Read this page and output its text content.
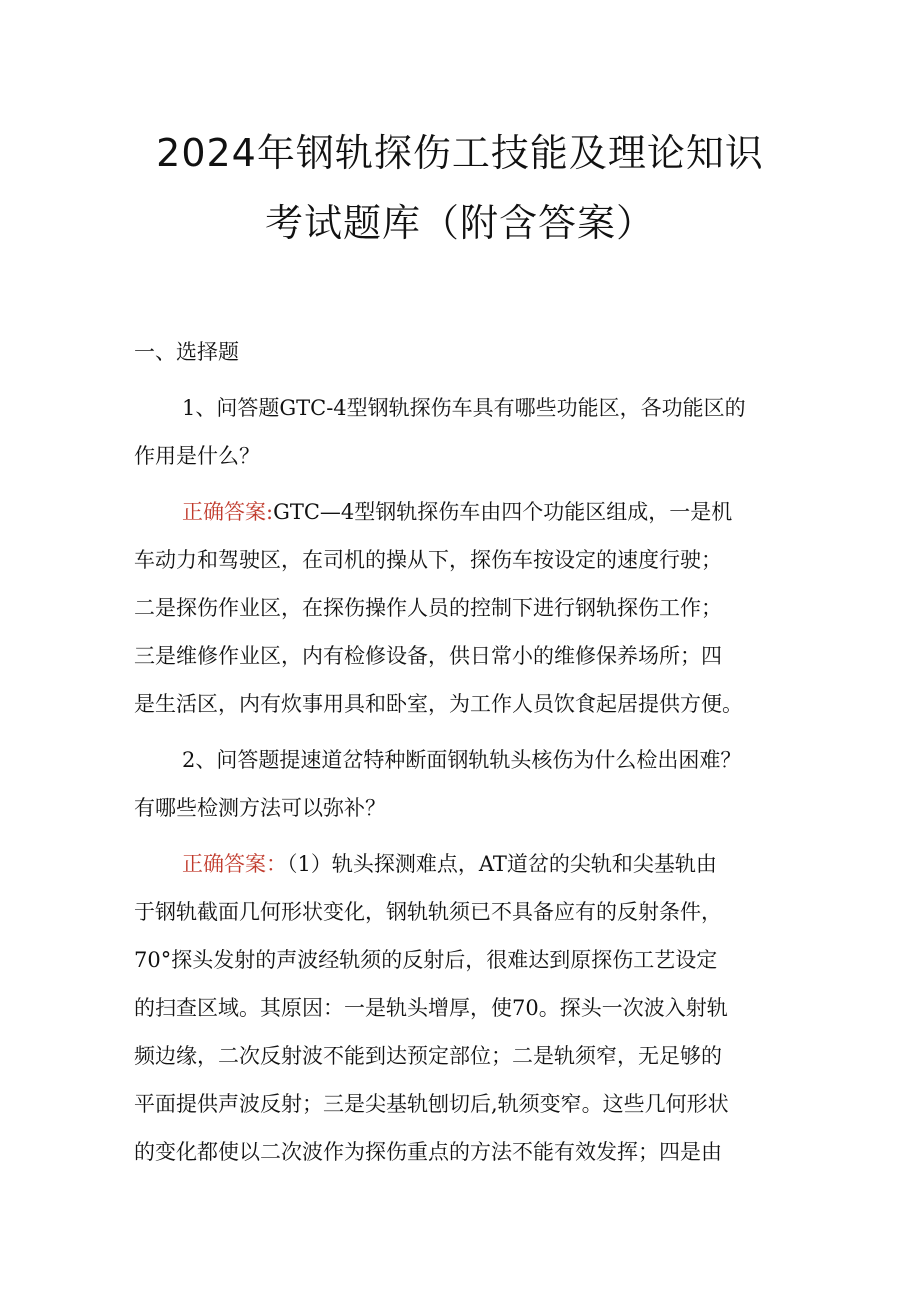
2024年钢轨探伤工技能及理论知识
考试题库（附含答案）
一、选择题
1、问答题GTC-4型钢轨探伤车具有哪些功能区，各功能区的
作用是什么？
正确答案:GTC—4型钢轨探伤车由四个功能区组成，一是机
车动力和驾驶区，在司机的操从下，探伤车按设定的速度行驶；
二是探伤作业区，在探伤操作人员的控制下进行钢轨探伤工作；
三是维修作业区，内有检修设备，供日常小的维修保养场所；四
是生活区，内有炊事用具和卧室，为工作人员饮食起居提供方便。
2、问答题提速道岔特种断面钢轨轨头核伤为什么检出困难？
有哪些检测方法可以弥补？
正确答案：（1）轨头探测难点，AT道岔的尖轨和尖基轨由
于钢轨截面几何形状变化，钢轨轨须已不具备应有的反射条件，
70°探头发射的声波经轨须的反射后，很难达到原探伤工艺设定
的扫查区域。其原因：一是轨头增厚，使70。探头一次波入射轨
频边缘，二次反射波不能到达预定部位；二是轨须窄，无足够的
平面提供声波反射；三是尖基轨刨切后,轨须变窄。这些几何形状
的变化都使以二次波作为探伤重点的方法不能有效发挥；四是由
